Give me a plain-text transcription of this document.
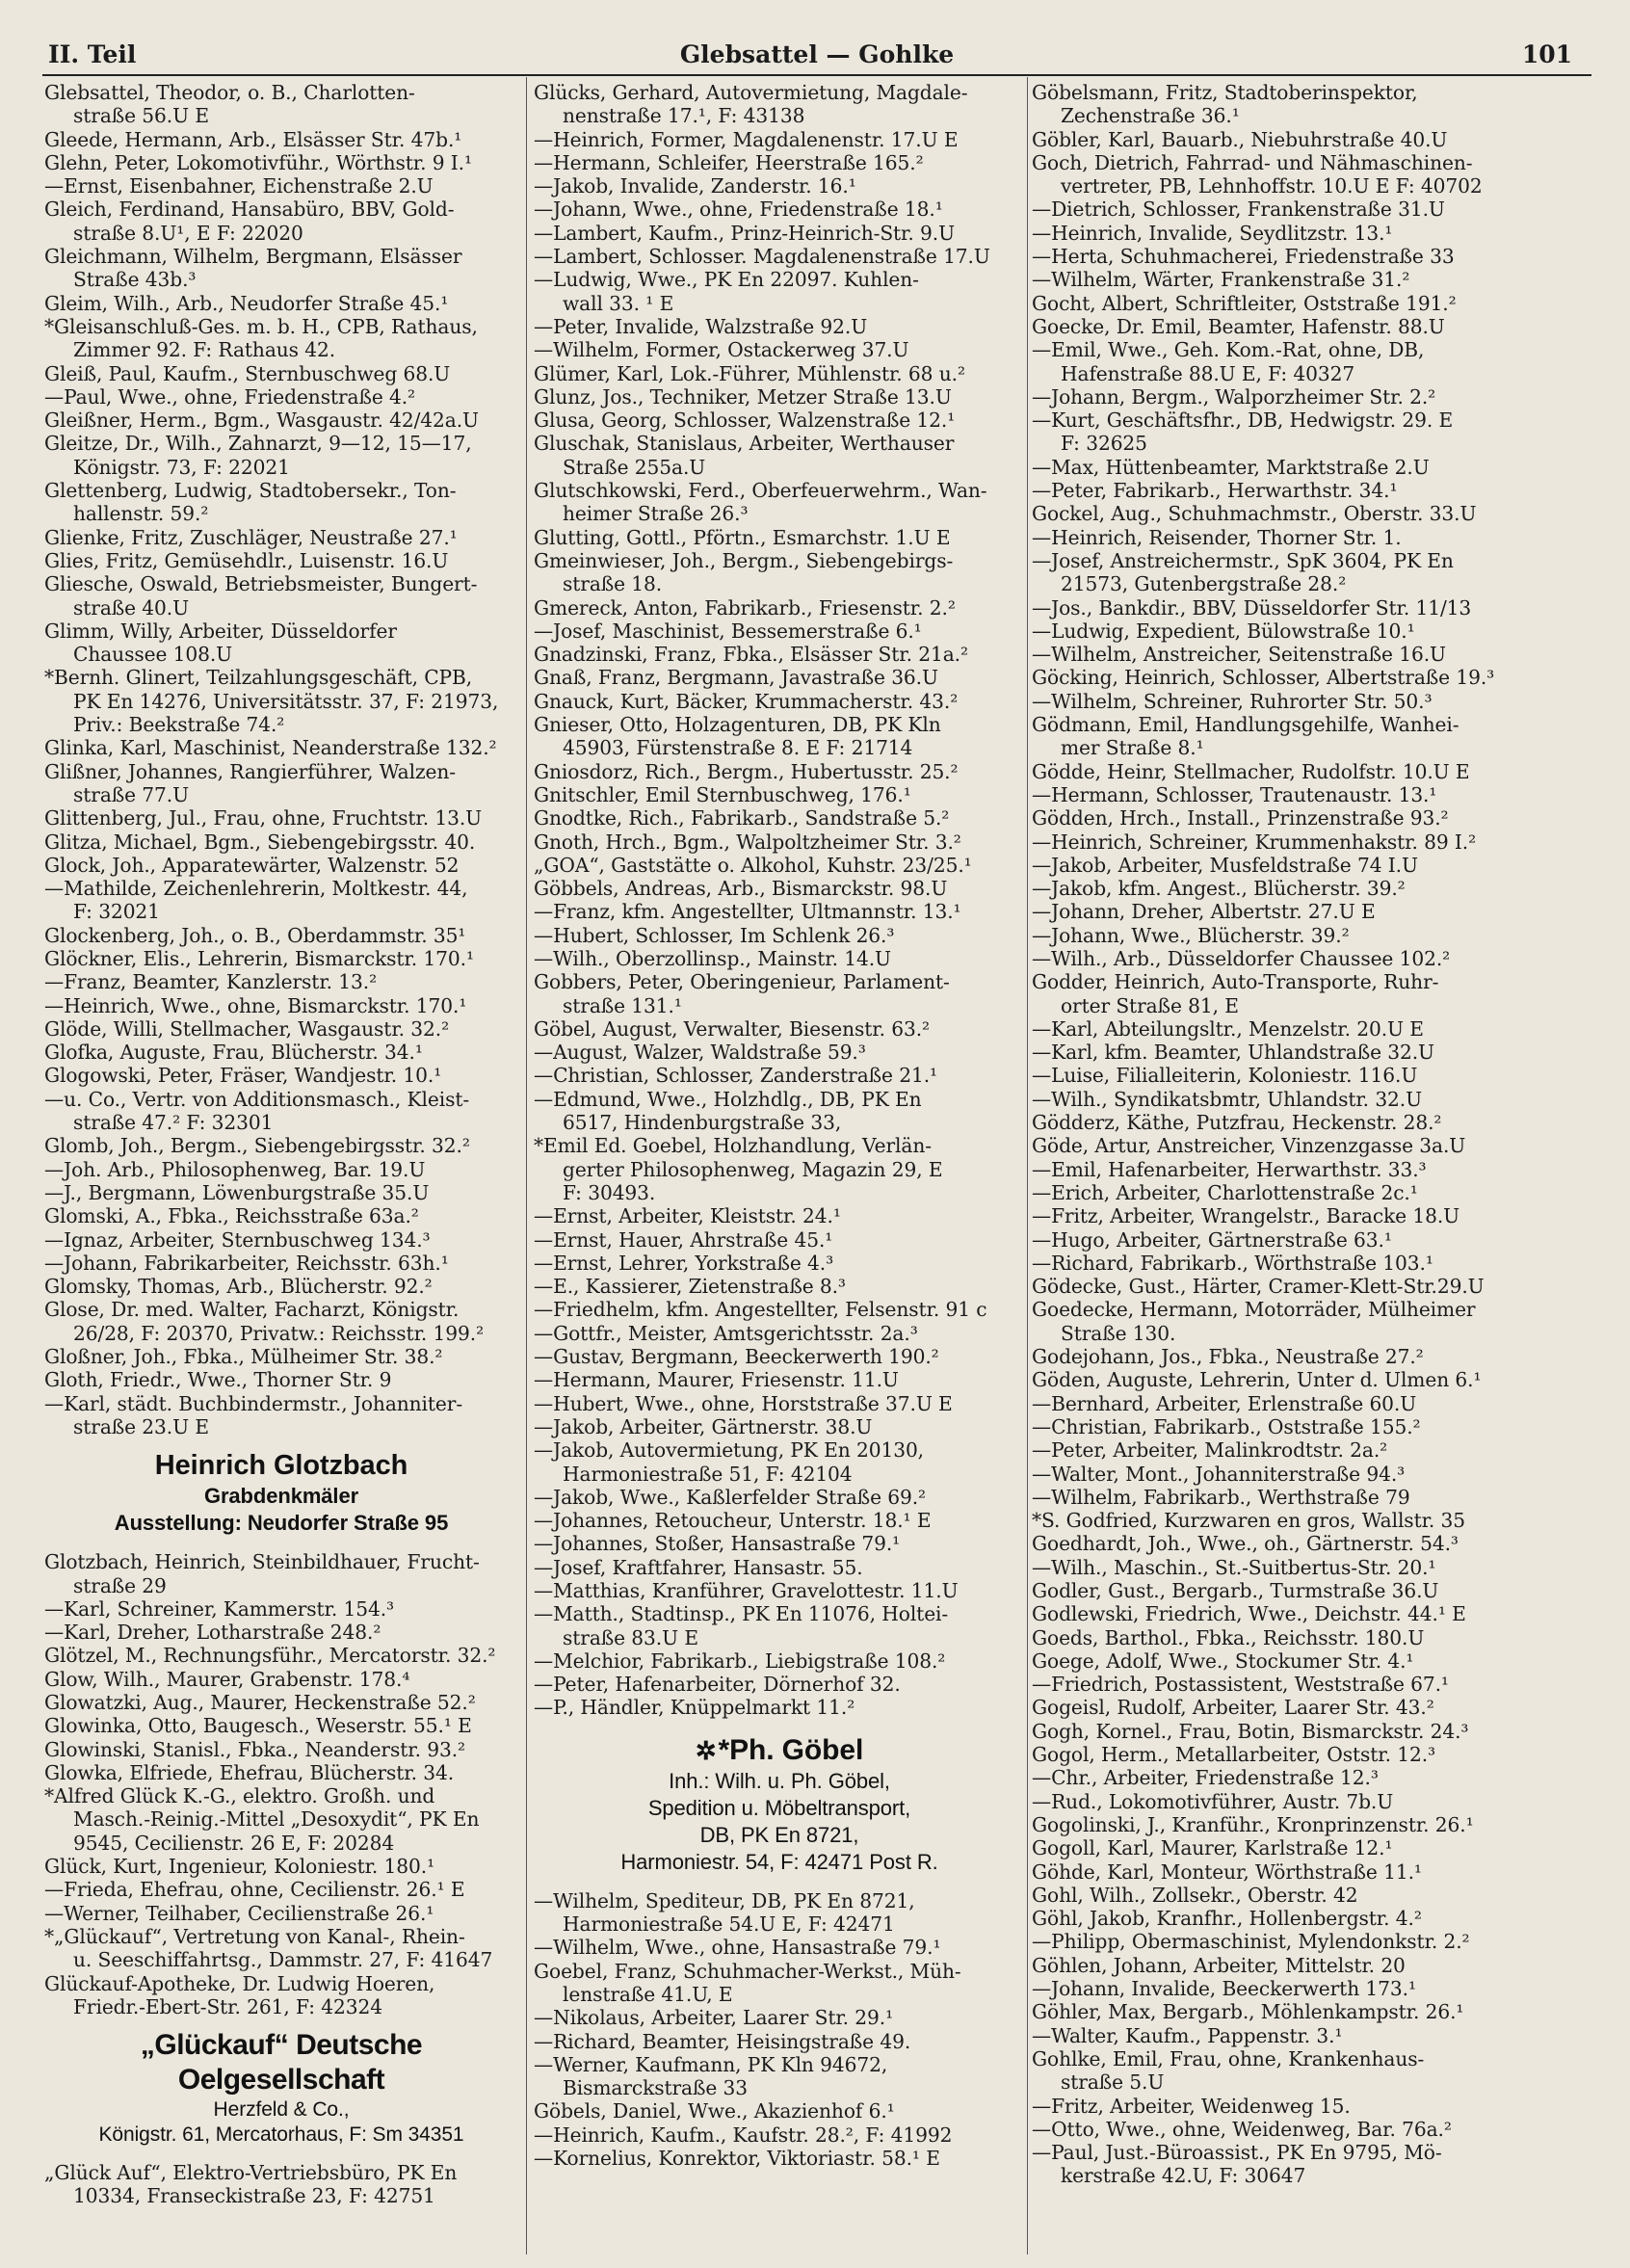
II. Teil	Glebsattel — Gohlke	101
Glebsattel, Theodor, o. B., Charlotten-
straße 56.U E
Gleede, Hermann, Arb., Elsässer Str. 47b.¹
Glehn, Peter, Lokomotivführ., Wörthstr. 9 I.¹
—Ernst, Eisenbahner, Eichenstraße 2.U
Gleich, Ferdinand, Hansabüro, BBV, Gold-
straße 8.U¹, E F: 22020
Gleichmann, Wilhelm, Bergmann, Elsässer
Straße 43b.³
Gleim, Wilh., Arb., Neudorfer Straße 45.¹
*Gleisanschluß-Ges. m. b. H., CPB, Rathaus,
Zimmer 92. F: Rathaus 42.
Gleiß, Paul, Kaufm., Sternbuschweg 68.U
—Paul, Wwe., ohne, Friedenstraße 4.²
Gleißner, Herm., Bgm., Wasgaustr. 42/42a.U
Gleitze, Dr., Wilh., Zahnarzt, 9—12, 15—17,
Königstr. 73, F: 22021
Glettenberg, Ludwig, Stadtobersekr., Ton-
hallenstr. 59.²
Glienke, Fritz, Zuschläger, Neustraße 27.¹
Glies, Fritz, Gemüsehdlr., Luisenstr. 16.U
Gliesche, Oswald, Betriebsmeister, Bungert-
straße 40.U
Glimm, Willy, Arbeiter, Düsseldorfer
Chaussee 108.U
*Bernh. Glinert, Teilzahlungsgeschäft, CPB,
PK En 14276, Universitätsstr. 37, F: 21973,
Priv.: Beekstraße 74.²
Glinka, Karl, Maschinist, Neanderstraße 132.²
Glißner, Johannes, Rangierführer, Walzen-
straße 77.U
Glittenberg, Jul., Frau, ohne, Fruchtstr. 13.U
Glitza, Michael, Bgm., Siebengebirgsstr. 40.
Glock, Joh., Apparatewärter, Walzenstr. 52
—Mathilde, Zeichenlehrerin, Moltkestr. 44,
F: 32021
Glockenberg, Joh., o. B., Oberdammstr. 35¹
Glöckner, Elis., Lehrerin, Bismarckstr. 170.¹
—Franz, Beamter, Kanzlerstr. 13.²
—Heinrich, Wwe., ohne, Bismarckstr. 170.¹
Glöde, Willi, Stellmacher, Wasgaustr. 32.²
Glofka, Auguste, Frau, Blücherstr. 34.¹
Glogowski, Peter, Fräser, Wandjestr. 10.¹
—u. Co., Vertr. von Additionsmasch., Kleist-
straße 47.² F: 32301
Glomb, Joh., Bergm., Siebengebirgsstr. 32.²
—Joh. Arb., Philosophenweg, Bar. 19.U
—J., Bergmann, Löwenburgstraße 35.U
Glomski, A., Fbka., Reichsstraße 63a.²
—Ignaz, Arbeiter, Sternbuschweg 134.³
—Johann, Fabrikarbeiter, Reichsstr. 63h.¹
Glomsky, Thomas, Arb., Blücherstr. 92.²
Glose, Dr. med. Walter, Facharzt, Königstr.
26/28, F: 20370, Privatw.: Reichsstr. 199.²
Gloßner, Joh., Fbka., Mülheimer Str. 38.²
Gloth, Friedr., Wwe., Thorner Str. 9
—Karl, städt. Buchbindermstr., Johanniter-
straße 23.U E
Heinrich Glotzbach
Grabdenkmäler
Ausstellung: Neudorfer Straße 95
Glotzbach, Heinrich, Steinbildhauer, Frucht-
straße 29
—Karl, Schreiner, Kammerstr. 154.³
—Karl, Dreher, Lotharstraße 248.²
Glötzel, M., Rechnungsführ., Mercatorstr. 32.²
Glow, Wilh., Maurer, Grabenstr. 178.⁴
Glowatzki, Aug., Maurer, Heckenstraße 52.²
Glowinka, Otto, Baugesch., Weserstr. 55.¹ E
Glowinski, Stanisl., Fbka., Neanderstr. 93.²
Glowka, Elfriede, Ehefrau, Blücherstr. 34.
*Alfred Glück K.-G., elektro. Großh. und
Masch.-Reinig.-Mittel „Desoxydit“, PK En
9545, Cecilienstr. 26 E, F: 20284
Glück, Kurt, Ingenieur, Koloniestr. 180.¹
—Frieda, Ehefrau, ohne, Cecilienstr. 26.¹ E
—Werner, Teilhaber, Cecilienstraße 26.¹
*„Glückauf“, Vertretung von Kanal-, Rhein-
u. Seeschiffahrtsg., Dammstr. 27, F: 41647
Glückauf-Apotheke, Dr. Ludwig Hoeren,
Friedr.-Ebert-Str. 261, F: 42324
„Glückauf“ Deutsche Oelgesellschaft
Herzfeld & Co.,
Königstr. 61, Mercatorhaus, F: Sm 34351
„Glück Auf“, Elektro-Vertriebsbüro, PK En
10334, Franseckistraße 23, F: 42751
Glücks, Gerhard, Autovermietung, Magdale-
nenstraße 17.¹, F: 43138
—Heinrich, Former, Magdalenenstr. 17.U E
—Hermann, Schleifer, Heerstraße 165.²
—Jakob, Invalide, Zanderstr. 16.¹
—Johann, Wwe., ohne, Friedenstraße 18.¹
—Lambert, Kaufm., Prinz-Heinrich-Str. 9.U
—Lambert, Schlosser. Magdalenenstraße 17.U
—Ludwig, Wwe., PK En 22097. Kuhlen-
wall 33. ¹ E
—Peter, Invalide, Walzstraße 92.U
—Wilhelm, Former, Ostackerweg 37.U
Glümer, Karl, Lok.-Führer, Mühlenstr. 68 u.²
Glunz, Jos., Techniker, Metzer Straße 13.U
Glusa, Georg, Schlosser, Walzenstraße 12.¹
Gluschak, Stanislaus, Arbeiter, Werthauser
Straße 255a.U
Glutschkowski, Ferd., Oberfeuerwehrm., Wan-
heimer Straße 26.³
Glutting, Gottl., Pförtn., Esmarchstr. 1.U E
Gmeinwieser, Joh., Bergm., Siebengebirgs-
straße 18.
Gmereck, Anton, Fabrikarb., Friesenstr. 2.²
—Josef, Maschinist, Bessemerstraße 6.¹
Gnadzinski, Franz, Fbka., Elsässer Str. 21a.²
Gnaß, Franz, Bergmann, Javastraße 36.U
Gnauck, Kurt, Bäcker, Krummacherstr. 43.²
Gnieser, Otto, Holzagenturen, DB, PK Kln
45903, Fürstenstraße 8. E F: 21714
Gniosdorz, Rich., Bergm., Hubertusstr. 25.²
Gnitschler, Emil Sternbuschweg, 176.¹
Gnodtke, Rich., Fabrikarb., Sandstraße 5.²
Gnoth, Hrch., Bgm., Walpoltzheimer Str. 3.²
„GOA“, Gaststätte o. Alkohol, Kuhstr. 23/25.¹
Göbbels, Andreas, Arb., Bismarckstr. 98.U
—Franz, kfm. Angestellter, Ultmannstr. 13.¹
—Hubert, Schlosser, Im Schlenk 26.³
—Wilh., Oberzollinsp., Mainstr. 14.U
Gobbers, Peter, Oberingenieur, Parlament-
straße 131.¹
Göbel, August, Verwalter, Biesenstr. 63.²
—August, Walzer, Waldstraße 59.³
—Christian, Schlosser, Zanderstraße 21.¹
—Edmund, Wwe., Holzhdlg., DB, PK En
6517, Hindenburgstraße 33,
*Emil Ed. Goebel, Holzhandlung, Verlän-
gerter Philosophenweg, Magazin 29, E
F: 30493.
—Ernst, Arbeiter, Kleiststr. 24.¹
—Ernst, Hauer, Ahrstraße 45.¹
—Ernst, Lehrer, Yorkstraße 4.³
—E., Kassierer, Zietenstraße 8.³
—Friedhelm, kfm. Angestellter, Felsenstr. 91 c
—Gottfr., Meister, Amtsgerichtsstr. 2a.³
—Gustav, Bergmann, Beeckerwerth 190.²
—Hermann, Maurer, Friesenstr. 11.U
—Hubert, Wwe., ohne, Horststraße 37.U E
—Jakob, Arbeiter, Gärtnerstr. 38.U
—Jakob, Autovermietung, PK En 20130,
Harmoniestraße 51, F: 42104
—Jakob, Wwe., Kaßlerfelder Straße 69.²
—Johannes, Retoucheur, Unterstr. 18.¹ E
—Johannes, Stoßer, Hansastraße 79.¹
—Josef, Kraftfahrer, Hansastr. 55.
—Matthias, Kranführer, Gravelottestr. 11.U
—Matth., Stadtinsp., PK En 11076, Holtei-
straße 83.U E
—Melchior, Fabrikarb., Liebigstraße 108.²
—Peter, Hafenarbeiter, Dörnerhof 32.
—P., Händler, Knüppelmarkt 11.²
✲*Ph. Göbel
Inh.: Wilh. u. Ph. Göbel,
Spedition u. Möbeltransport,
DB, PK En 8721,
Harmoniestr. 54, F: 42471 Post R.
—Wilhelm, Spediteur, DB, PK En 8721,
Harmoniestraße 54.U E, F: 42471
—Wilhelm, Wwe., ohne, Hansastraße 79.¹
Goebel, Franz, Schuhmacher-Werkst., Müh-
lenstraße 41.U, E
—Nikolaus, Arbeiter, Laarer Str. 29.¹
—Richard, Beamter, Heisingstraße 49.
—Werner, Kaufmann, PK Kln 94672,
Bismarckstraße 33
Göbels, Daniel, Wwe., Akazienhof 6.¹
—Heinrich, Kaufm., Kaufstr. 28.², F: 41992
—Kornelius, Konrektor, Viktoriastr. 58.¹ E
Göbelsmann, Fritz, Stadtoberinspektor,
Zechenstraße 36.¹
Göbler, Karl, Bauarb., Niebuhrstraße 40.U
Goch, Dietrich, Fahrrad- und Nähmaschinen-
vertreter, PB, Lehnhoffstr. 10.U E F: 40702
—Dietrich, Schlosser, Frankenstraße 31.U
—Heinrich, Invalide, Seydlitzstr. 13.¹
—Herta, Schuhmacherei, Friedenstraße 33
—Wilhelm, Wärter, Frankenstraße 31.²
Gocht, Albert, Schriftleiter, Oststraße 191.²
Goecke, Dr. Emil, Beamter, Hafenstr. 88.U
—Emil, Wwe., Geh. Kom.-Rat, ohne, DB,
Hafenstraße 88.U E, F: 40327
—Johann, Bergm., Walporzheimer Str. 2.²
—Kurt, Geschäftsfhr., DB, Hedwigstr. 29. E
F: 32625
—Max, Hüttenbeamter, Marktstraße 2.U
—Peter, Fabrikarb., Herwarthstr. 34.¹
Gockel, Aug., Schuhmachmstr., Oberstr. 33.U
—Heinrich, Reisender, Thorner Str. 1.
—Josef, Anstreichermstr., SpK 3604, PK En
21573, Gutenbergstraße 28.²
—Jos., Bankdir., BBV, Düsseldorfer Str. 11/13
—Ludwig, Expedient, Bülowstraße 10.¹
—Wilhelm, Anstreicher, Seitenstraße 16.U
Göcking, Heinrich, Schlosser, Albertstraße 19.³
—Wilhelm, Schreiner, Ruhrorter Str. 50.³
Gödmann, Emil, Handlungsgehilfe, Wanhei-
mer Straße 8.¹
Gödde, Heinr, Stellmacher, Rudolfstr. 10.U E
—Hermann, Schlosser, Trautenaustr. 13.¹
Gödden, Hrch., Install., Prinzenstraße 93.²
—Heinrich, Schreiner, Krummenhakstr. 89 I.²
—Jakob, Arbeiter, Musfeldstraße 74 I.U
—Jakob, kfm. Angest., Blücherstr. 39.²
—Johann, Dreher, Albertstr. 27.U E
—Johann, Wwe., Blücherstr. 39.²
—Wilh., Arb., Düsseldorfer Chaussee 102.²
Godder, Heinrich, Auto-Transporte, Ruhr-
orter Straße 81, E
—Karl, Abteilungsltr., Menzelstr. 20.U E
—Karl, kfm. Beamter, Uhlandstraße 32.U
—Luise, Filialleiterin, Koloniestr. 116.U
—Wilh., Syndikatsbmtr, Uhlandstr. 32.U
Gödderz, Käthe, Putzfrau, Heckenstr. 28.²
Göde, Artur, Anstreicher, Vinzenzgasse 3a.U
—Emil, Hafenarbeiter, Herwarthstr. 33.³
—Erich, Arbeiter, Charlottenstraße 2c.¹
—Fritz, Arbeiter, Wrangelstr., Baracke 18.U
—Hugo, Arbeiter, Gärtnerstraße 63.¹
—Richard, Fabrikarb., Wörthstraße 103.¹
Gödecke, Gust., Härter, Cramer-Klett-Str.29.U
Goedecke, Hermann, Motorräder, Mülheimer
Straße 130.
Godejohann, Jos., Fbka., Neustraße 27.²
Göden, Auguste, Lehrerin, Unter d. Ulmen 6.¹
—Bernhard, Arbeiter, Erlenstraße 60.U
—Christian, Fabrikarb., Oststraße 155.²
—Peter, Arbeiter, Malinkrodtstr. 2a.²
—Walter, Mont., Johanniterstraße 94.³
—Wilhelm, Fabrikarb., Werthstraße 79
*S. Godfried, Kurzwaren en gros, Wallstr. 35
Goedhardt, Joh., Wwe., oh., Gärtnerstr. 54.³
—Wilh., Maschin., St.-Suitbertus-Str. 20.¹
Godler, Gust., Bergarb., Turmstraße 36.U
Godlewski, Friedrich, Wwe., Deichstr. 44.¹ E
Goeds, Barthol., Fbka., Reichsstr. 180.U
Goege, Adolf, Wwe., Stockumer Str. 4.¹
—Friedrich, Postassistent, Weststraße 67.¹
Gogeisl, Rudolf, Arbeiter, Laarer Str. 43.²
Gogh, Kornel., Frau, Botin, Bismarckstr. 24.³
Gogol, Herm., Metallarbeiter, Oststr. 12.³
—Chr., Arbeiter, Friedenstraße 12.³
—Rud., Lokomotivführer, Austr. 7b.U
Gogolinski, J., Kranführ., Kronprinzenstr. 26.¹
Gogoll, Karl, Maurer, Karlstraße 12.¹
Göhde, Karl, Monteur, Wörthstraße 11.¹
Gohl, Wilh., Zollsekr., Oberstr. 42
Göhl, Jakob, Kranfhr., Hollenbergstr. 4.²
—Philipp, Obermaschinist, Mylendonkstr. 2.²
Göhlen, Johann, Arbeiter, Mittelstr. 20
—Johann, Invalide, Beeckerwerth 173.¹
Göhler, Max, Bergarb., Möhlenkampstr. 26.¹
—Walter, Kaufm., Pappenstr. 3.¹
Gohlke, Emil, Frau, ohne, Krankenhaus-
straße 5.U
—Fritz, Arbeiter, Weidenweg 15.
—Otto, Wwe., ohne, Weidenweg, Bar. 76a.²
—Paul, Just.-Büroassist., PK En 9795, Mö-
kerstraße 42.U, F: 30647
